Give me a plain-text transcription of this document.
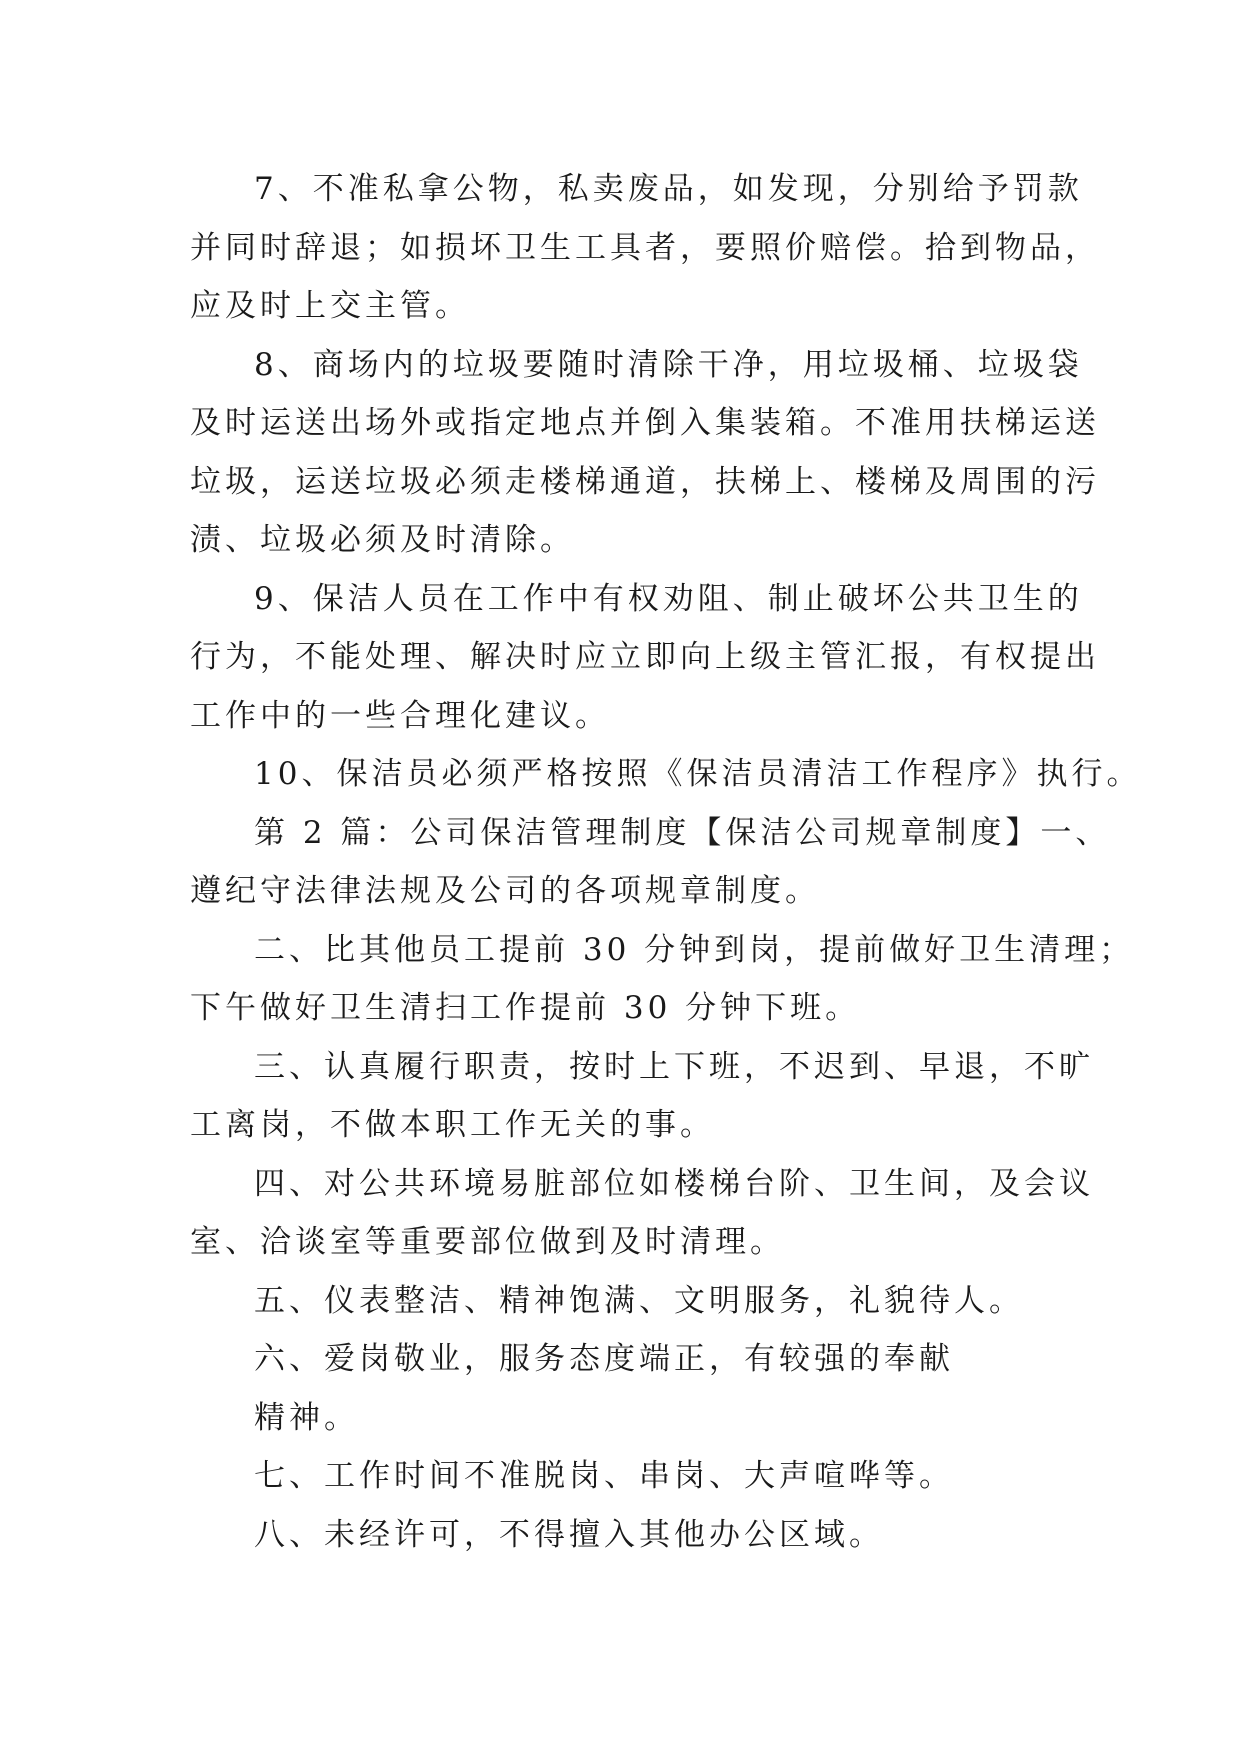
7、不准私拿公物，私卖废品，如发现，分别给予罚款
并同时辞退；如损坏卫生工具者，要照价赔偿。拾到物品，
应及时上交主管。
8、商场内的垃圾要随时清除干净，用垃圾桶、垃圾袋
及时运送出场外或指定地点并倒入集装箱。不准用扶梯运送
垃圾，运送垃圾必须走楼梯通道，扶梯上、楼梯及周围的污
渍、垃圾必须及时清除。
9、保洁人员在工作中有权劝阻、制止破坏公共卫生的
行为，不能处理、解决时应立即向上级主管汇报，有权提出
工作中的一些合理化建议。
10、保洁员必须严格按照《保洁员清洁工作程序》执行。
第 2 篇：公司保洁管理制度【保洁公司规章制度】一、
遵纪守法律法规及公司的各项规章制度。
二、比其他员工提前 30 分钟到岗，提前做好卫生清理；
下午做好卫生清扫工作提前 30 分钟下班。
三、认真履行职责，按时上下班，不迟到、早退，不旷
工离岗，不做本职工作无关的事。
四、对公共环境易脏部位如楼梯台阶、卫生间，及会议
室、洽谈室等重要部位做到及时清理。
五、仪表整洁、精神饱满、文明服务，礼貌待人。
六、爱岗敬业，服务态度端正，有较强的奉献
精神。
七、工作时间不准脱岗、串岗、大声喧哗等。
八、未经许可，不得擅入其他办公区域。
